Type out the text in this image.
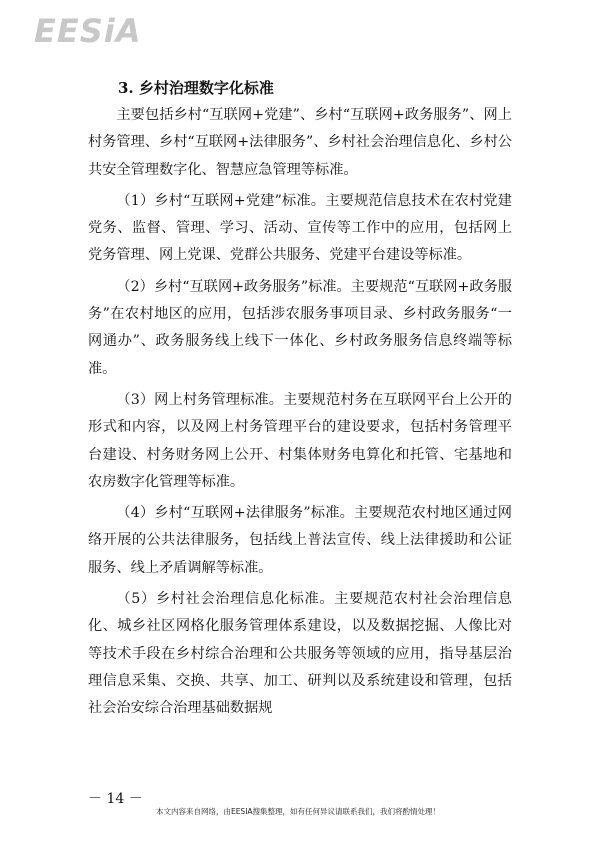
EESiA
3. 乡村治理数字化标准

主要包括乡村“互联网+党建”、乡村“互联网+政务服务”、网上村务管理、乡村“互联网+法律服务”、乡村社会治理信息化、乡村公共安全管理数字化、智慧应急管理等标准。

（1）乡村“互联网+党建”标准。主要规范信息技术在农村党建党务、监督、管理、学习、活动、宣传等工作中的应用，包括网上党务管理、网上党课、党群公共服务、党建平台建设等标准。

（2）乡村“互联网+政务服务”标准。主要规范“互联网+政务服务”在农村地区的应用，包括涉农服务事项目录、乡村政务服务“一网通办”、政务服务线上线下一体化、乡村政务服务信息终端等标准。

（3）网上村务管理标准。主要规范村务在互联网平台上公开的形式和内容，以及网上村务管理平台的建设要求，包括村务管理平台建设、村务财务网上公开、村集体财务电算化和托管、宅基地和农房数字化管理等标准。

（4）乡村“互联网+法律服务”标准。主要规范农村地区通过网络开展的公共法律服务，包括线上普法宣传、线上法律援助和公证服务、线上矛盾调解等标准。

（5）乡村社会治理信息化标准。主要规范农村社会治理信息化、城乡社区网格化服务管理体系建设，以及数据挖掘、人像比对等技术手段在乡村综合治理和公共服务等领域的应用，指导基层治理信息采集、交换、共享、加工、研判以及系统建设和管理，包括社会治安综合治理基础数据规

－ 14 －
本文内容来自网络，由EESIA搜集整理，如有任何异议请联系我们，我们将酌情处理！
